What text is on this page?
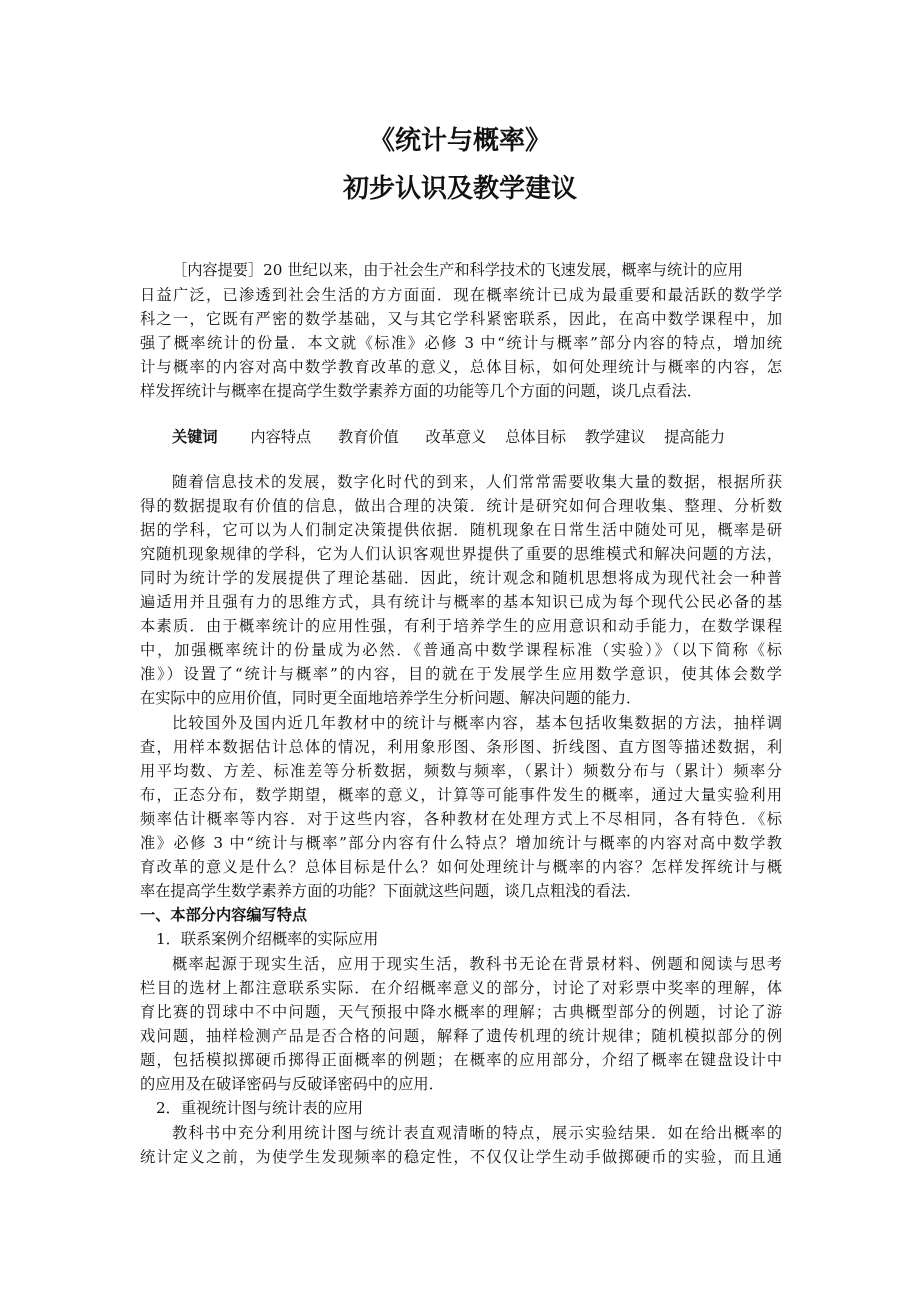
《统计与概率》
初步认识及教学建议
［内容提要］20 世纪以来，由于社会生产和科学技术的飞速发展，概率与统计的应用
日益广泛，已渗透到社会生活的方方面面．现在概率统计已成为最重要和最活跃的数学学
科之一，它既有严密的数学基础，又与其它学科紧密联系，因此，在高中数学课程中，加
强了概率统计的份量．本文就《标准》必修 3 中“统计与概率”部分内容的特点，增加统
计与概率的内容对高中数学教育改革的意义，总体目标，如何处理统计与概率的内容，怎
样发挥统计与概率在提高学生数学素养方面的功能等几个方面的问题，谈几点看法．
关键词 内容特点 教育价值 改革意义 总体目标 教学建议 提高能力
随着信息技术的发展，数字化时代的到来，人们常常需要收集大量的数据，根据所获
得的数据提取有价值的信息，做出合理的决策．统计是研究如何合理收集、整理、分析数
据的学科，它可以为人们制定决策提供依据．随机现象在日常生活中随处可见，概率是研
究随机现象规律的学科，它为人们认识客观世界提供了重要的思维模式和解决问题的方法，
同时为统计学的发展提供了理论基础．因此，统计观念和随机思想将成为现代社会一种普
遍适用并且强有力的思维方式，具有统计与概率的基本知识已成为每个现代公民必备的基
本素质．由于概率统计的应用性强，有利于培养学生的应用意识和动手能力，在数学课程
中，加强概率统计的份量成为必然．《普通高中数学课程标准（实验）》（以下简称《标
准》）设置了“统计与概率”的内容，目的就在于发展学生应用数学意识，使其体会数学
在实际中的应用价值，同时更全面地培养学生分析问题、解决问题的能力．
比较国外及国内近几年教材中的统计与概率内容，基本包括收集数据的方法，抽样调
查，用样本数据估计总体的情况，利用象形图、条形图、折线图、直方图等描述数据，利
用平均数、方差、标准差等分析数据，频数与频率，（累计）频数分布与（累计）频率分
布，正态分布，数学期望，概率的意义，计算等可能事件发生的概率，通过大量实验利用
频率估计概率等内容．对于这些内容，各种教材在处理方式上不尽相同，各有特色．《标
准》必修 3 中“统计与概率”部分内容有什么特点？增加统计与概率的内容对高中数学教
育改革的意义是什么？总体目标是什么？如何处理统计与概率的内容？怎样发挥统计与概
率在提高学生数学素养方面的功能？下面就这些问题，谈几点粗浅的看法．
一、本部分内容编写特点
1．联系案例介绍概率的实际应用
概率起源于现实生活，应用于现实生活，教科书无论在背景材料、例题和阅读与思考
栏目的选材上都注意联系实际．在介绍概率意义的部分，讨论了对彩票中奖率的理解，体
育比赛的罚球中不中问题，天气预报中降水概率的理解；古典概型部分的例题，讨论了游
戏问题，抽样检测产品是否合格的问题，解释了遗传机理的统计规律；随机模拟部分的例
题，包括模拟掷硬币掷得正面概率的例题；在概率的应用部分，介绍了概率在键盘设计中
的应用及在破译密码与反破译密码中的应用．
2．重视统计图与统计表的应用
教科书中充分利用统计图与统计表直观清晰的特点，展示实验结果．如在给出概率的
统计定义之前，为使学生发现频率的稳定性，不仅仅让学生动手做掷硬币的实验，而且通
